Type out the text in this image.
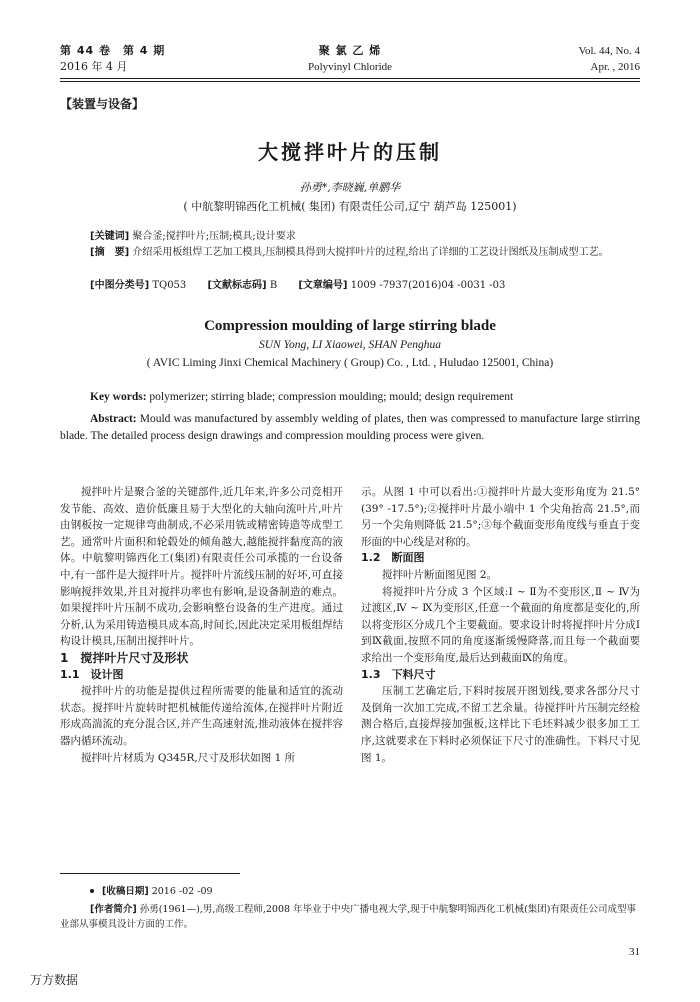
第 44 卷　第 4 期
2016 年 4 月
聚 氯 乙 烯
Polyvinyl Chloride
Vol. 44, No. 4
Apr. , 2016
【装置与设备】
大搅拌叶片的压制
孙勇*,李晓巍,单鹏华
( 中航黎明锦西化工机械( 集团) 有限责任公司,辽宁 葫芦岛 125001)
[关键词] 聚合釜;搅拌叶片;压制;模具;设计要求
[摘　要] 介绍采用板组焊工艺加工模具,压制模具得到大搅拌叶片的过程,给出了详细的工艺设计图纸及压制成型工艺。
[中图分类号] TQ053 [文献标志码] B [文章编号] 1009 -7937(2016)04 -0031 -03
Compression moulding of large stirring blade
SUN Yong, LI Xiaowei, SHAN Penghua
( AVIC Liming Jinxi Chemical Machinery ( Group) Co. , Ltd. , Huludao 125001, China)
Key words: polymerizer; stirring blade; compression moulding; mould; design requirement
Abstract: Mould was manufactured by assembly welding of plates, then was compressed to manufacture large stirring blade. The detailed process design drawings and compression moulding process were given.

搅拌叶片是聚合釜的关键部件,近几年来,许多公司竞相开发节能、高效、造价低廉且易于大型化的大轴向流叶片,叶片由钢板按一定规律弯曲制成,不必采用铣或精密铸造等成型工艺。通常叶片面积和轮毂处的倾角越大,越能搅拌黏度高的液体。中航黎明锦西化工(集团)有限责任公司承揽的一台设备中,有一部件是大搅拌叶片。搅拌叶片流线压制的好坏,可直接影响搅拌效果,并且对搅拌功率也有影响,是设备制造的难点。如果搅拌叶片压制不成功,会影响整台设备的生产进度。通过分析,认为采用铸造模具成本高,时间长,因此决定采用板组焊结构设计模具,压制出搅拌叶片。

1　搅拌叶片尺寸及形状

1.1　设计图

搅拌叶片的功能是提供过程所需要的能量和适宜的流动状态。搅拌叶片旋转时把机械能传递给流体,在搅拌叶片附近形成高湍流的充分混合区,并产生高速射流,推动液体在搅拌容器内循环流动。

搅拌叶片材质为 Q345R,尺寸及形状如图 1 所

示。从图 1 中可以看出:①搅拌叶片最大变形角度为 21.5°(39° -17.5°);②搅拌叶片最小端中 1 个尖角抬高 21.5°,而另一个尖角则降低 21.5°;③每个截面变形角度线与垂直于变形面的中心线是对称的。

1.2　断面图

搅拌叶片断面图见图 2。

将搅拌叶片分成 3 个区域:Ⅰ ~ Ⅱ为不变形区,Ⅱ ~ Ⅳ为过渡区,Ⅳ ~ Ⅸ为变形区,任意一个截面的角度都是变化的,所以将变形区分成几个主要截面。要求设计时将搅拌叶片分成Ⅰ到Ⅸ截面,按照不同的角度逐渐缓慢降落,而且每一个截面要求给出一个变形角度,最后达到截面Ⅸ的角度。

1.3　下料尺寸

压制工艺确定后,下料时按展开图划线,要求各部分尺寸及倒角一次加工完成,不留工艺余量。待搅拌叶片压制完经检测合格后,直接焊接加强板,这样比下毛坯料减少很多加工工序,这就要求在下料时必须保证下尺寸的准确性。下料尺寸见图 1。

[收稿日期] 2016 -02 -09
[作者简介] 孙勇(1961—),男,高级工程师,2008 年毕业于中央广播电视大学,现于中航黎明锦西化工机械(集团)有限责任公司成型事业部从事模具设计方面的工作。
31
万方数据
